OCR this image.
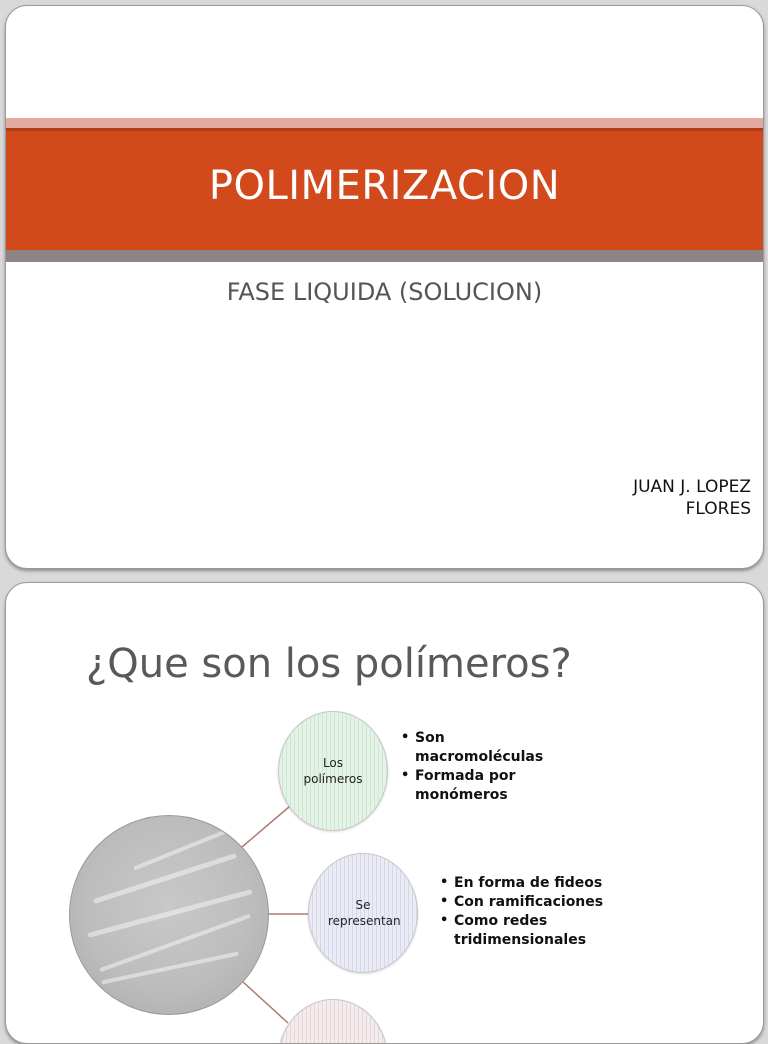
POLIMERIZACION
FASE LIQUIDA (SOLUCION)
JUAN J. LOPEZ
FLORES
¿Que son los polímeros?
Los polímeros
• Son macromoléculas
• Formada por monómeros
Se representan
• En forma de fideos
• Con ramificaciones
• Como redes tridimensionales
